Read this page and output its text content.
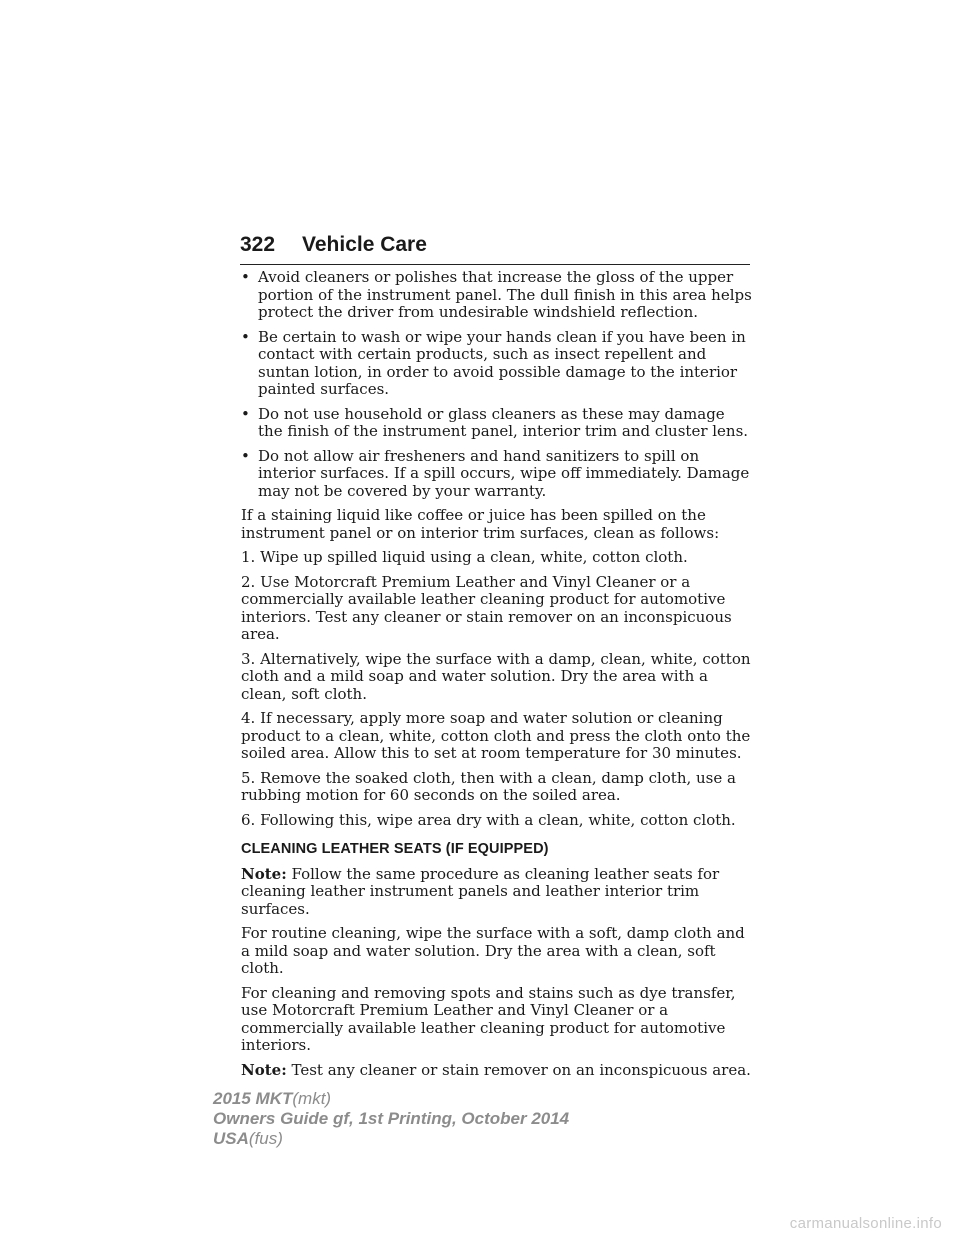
322 Vehicle Care
• Avoid cleaners or polishes that increase the gloss of the upper portion of the instrument panel. The dull finish in this area helps protect the driver from undesirable windshield reflection.
• Be certain to wash or wipe your hands clean if you have been in contact with certain products, such as insect repellent and suntan lotion, in order to avoid possible damage to the interior painted surfaces.
• Do not use household or glass cleaners as these may damage the finish of the instrument panel, interior trim and cluster lens.
• Do not allow air fresheners and hand sanitizers to spill on interior surfaces. If a spill occurs, wipe off immediately. Damage may not be covered by your warranty.

If a staining liquid like coffee or juice has been spilled on the instrument panel or on interior trim surfaces, clean as follows:

1. Wipe up spilled liquid using a clean, white, cotton cloth.

2. Use Motorcraft Premium Leather and Vinyl Cleaner or a commercially available leather cleaning product for automotive interiors. Test any cleaner or stain remover on an inconspicuous area.

3. Alternatively, wipe the surface with a damp, clean, white, cotton cloth and a mild soap and water solution. Dry the area with a clean, soft cloth.

4. If necessary, apply more soap and water solution or cleaning product to a clean, white, cotton cloth and press the cloth onto the soiled area. Allow this to set at room temperature for 30 minutes.

5. Remove the soaked cloth, then with a clean, damp cloth, use a rubbing motion for 60 seconds on the soiled area.

6. Following this, wipe area dry with a clean, white, cotton cloth.

CLEANING LEATHER SEATS (IF EQUIPPED)

Note: Follow the same procedure as cleaning leather seats for cleaning leather instrument panels and leather interior trim surfaces.

For routine cleaning, wipe the surface with a soft, damp cloth and a mild soap and water solution. Dry the area with a clean, soft cloth.

For cleaning and removing spots and stains such as dye transfer, use Motorcraft Premium Leather and Vinyl Cleaner or a commercially available leather cleaning product for automotive interiors.

Note: Test any cleaner or stain remover on an inconspicuous area.

2015 MKT(mkt)
Owners Guide gf, 1st Printing, October 2014
USA(fus)
carmanualsonline.info
